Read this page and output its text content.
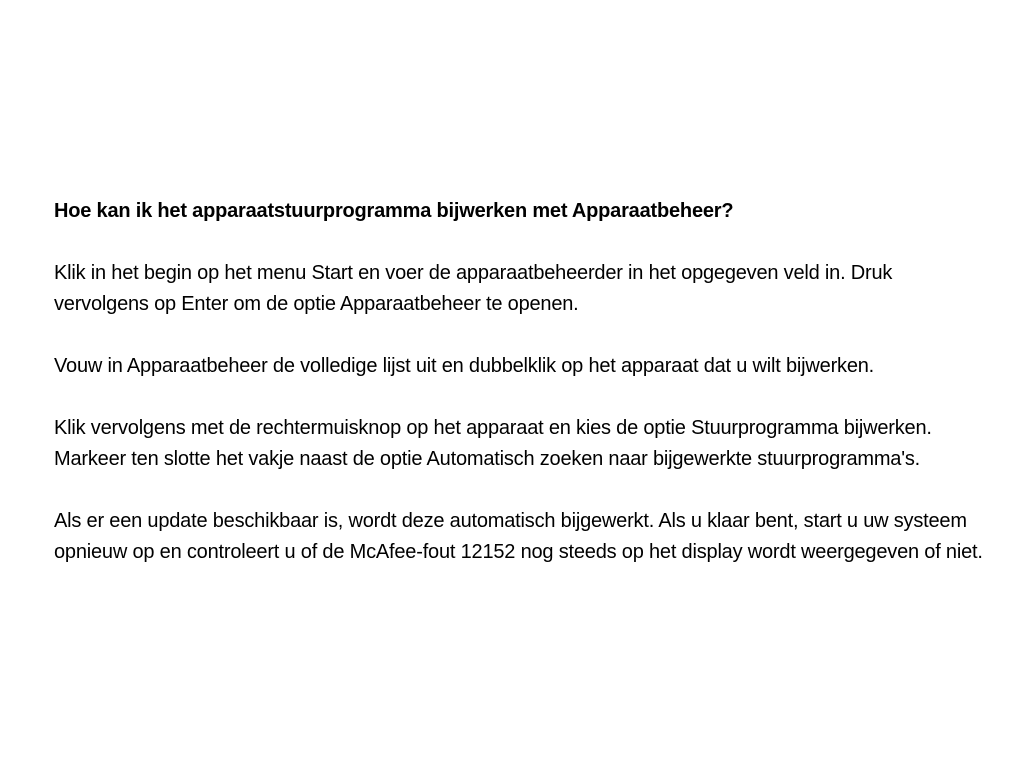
Hoe kan ik het apparaatstuurprogramma bijwerken met Apparaatbeheer?

Klik in het begin op het menu Start en voer de apparaatbeheerder in het opgegeven veld in. Druk vervolgens op Enter om de optie Apparaatbeheer te openen.

Vouw in Apparaatbeheer de volledige lijst uit en dubbelklik op het apparaat dat u wilt bijwerken.

Klik vervolgens met de rechtermuisknop op het apparaat en kies de optie Stuurprogramma bijwerken. Markeer ten slotte het vakje naast de optie Automatisch zoeken naar bijgewerkte stuurprogramma's.

Als er een update beschikbaar is, wordt deze automatisch bijgewerkt. Als u klaar bent, start u uw systeem opnieuw op en controleert u of de McAfee-fout 12152 nog steeds op het display wordt weergegeven of niet.
